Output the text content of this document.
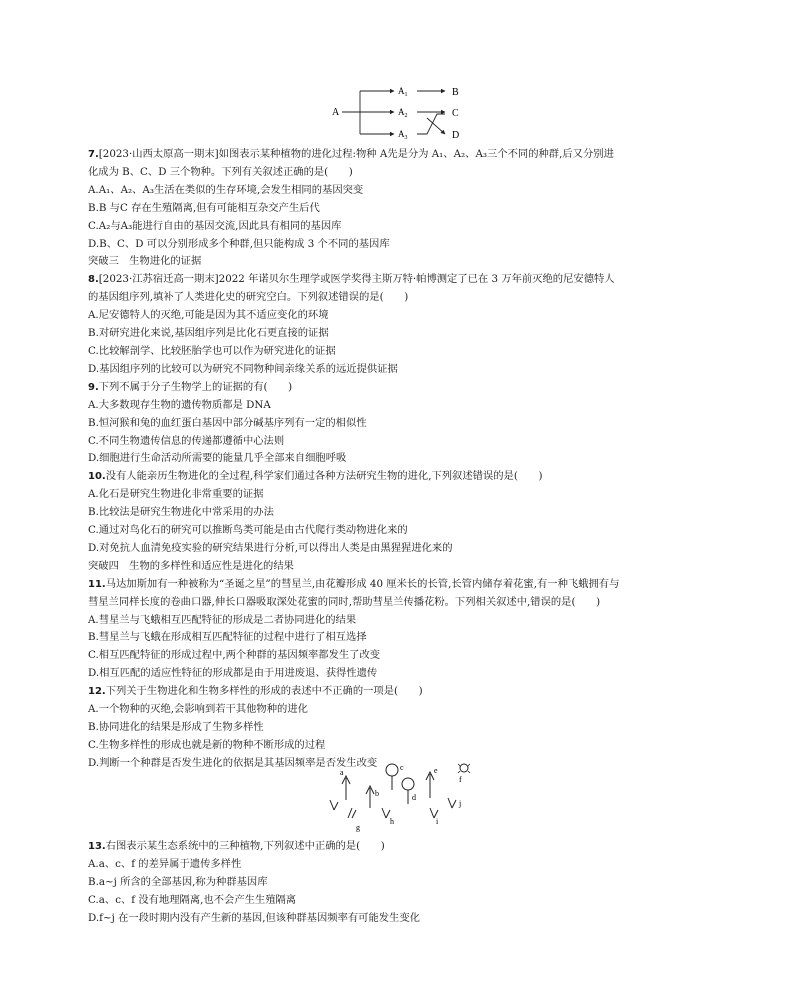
A
$A_1$
$A_2$
$A_3$
B
C
D
7.[2023·山西太原高一期末]如图表示某种植物的进化过程:物种 A先是分为 A₁、A₂、A₃三个不同的种群,后又分别进
化成为 B、C、D 三个物种。下列有关叙述正确的是(　　)
A.A₁、A₂、A₃生活在类似的生存环境,会发生相同的基因突变
B.B 与C 存在生殖隔离,但有可能相互杂交产生后代
C.A₂与A₃能进行自由的基因交流,因此具有相同的基因库
D.B、C、D 可以分别形成多个种群,但只能构成 3 个不同的基因库
突破三　生物进化的证据
8.[2023·江苏宿迁高一期末]2022 年诺贝尔生理学或医学奖得主斯万特·帕博测定了已在 3 万年前灭绝的尼安德特人
的基因组序列,填补了人类进化史的研究空白。下列叙述错误的是(　　)
A.尼安德特人的灭绝,可能是因为其不适应变化的环境
B.对研究进化来说,基因组序列是比化石更直接的证据
C.比较解剖学、比较胚胎学也可以作为研究进化的证据
D.基因组序列的比较可以为研究不同物种间亲缘关系的远近提供证据
9.下列不属于分子生物学上的证据的有(　　)
A.大多数现存生物的遗传物质都是 DNA
B.恒河猴和兔的血红蛋白基因中部分碱基序列有一定的相似性
C.不同生物遗传信息的传递都遵循中心法则
D.细胞进行生命活动所需要的能量几乎全部来自细胞呼吸
10.没有人能亲历生物进化的全过程,科学家们通过各种方法研究生物的进化,下列叙述错误的是(　　)
A.化石是研究生物进化非常重要的证据
B.比较法是研究生物进化中常采用的办法
C.通过对鸟化石的研究可以推断鸟类可能是由古代爬行类动物进化来的
D.对免抗人血清免疫实验的研究结果进行分析,可以得出人类是由黑猩猩进化来的
突破四　生物的多样性和适应性是进化的结果
11.马达加斯加有一种被称为“圣诞之星”的彗星兰,由花瓣形成 40 厘米长的长管,长管内储存着花蜜,有一种飞蛾拥有与
彗星兰同样长度的卷曲口器,伸长口器吸取深处花蜜的同时,帮助彗星兰传播花粉。下列相关叙述中,错误的是(　　)
A.彗星兰与飞蛾相互匹配特征的形成是二者协同进化的结果
B.彗星兰与飞蛾在形成相互匹配特征的过程中进行了相互选择
C.相互匹配特征的形成过程中,两个种群的基因频率都发生了改变
D.相互匹配的适应性特征的形成都是由于用进废退、获得性遗传
12.下列关于生物进化和生物多样性的形成的表述中不正确的一项是(　　)
A.一个物种的灭绝,会影响到若干其他物种的进化
B.协同进化的结果是形成了生物多样性
C.生物多样性的形成也就是新的物种不断形成的过程
D.判断一个种群是否发生进化的依据是其基因频率是否发生改变
a
b
c
d
e
f
g
h	i
j
13.右图表示某生态系统中的三种植物,下列叙述中正确的是(　　)
A.a、c、f 的差异属于遗传多样性
B.a~j 所含的全部基因,称为种群基因库
C.a、c、f 没有地理隔离,也不会产生生殖隔离
D.f~j 在一段时期内没有产生新的基因,但该种群基因频率有可能发生变化
